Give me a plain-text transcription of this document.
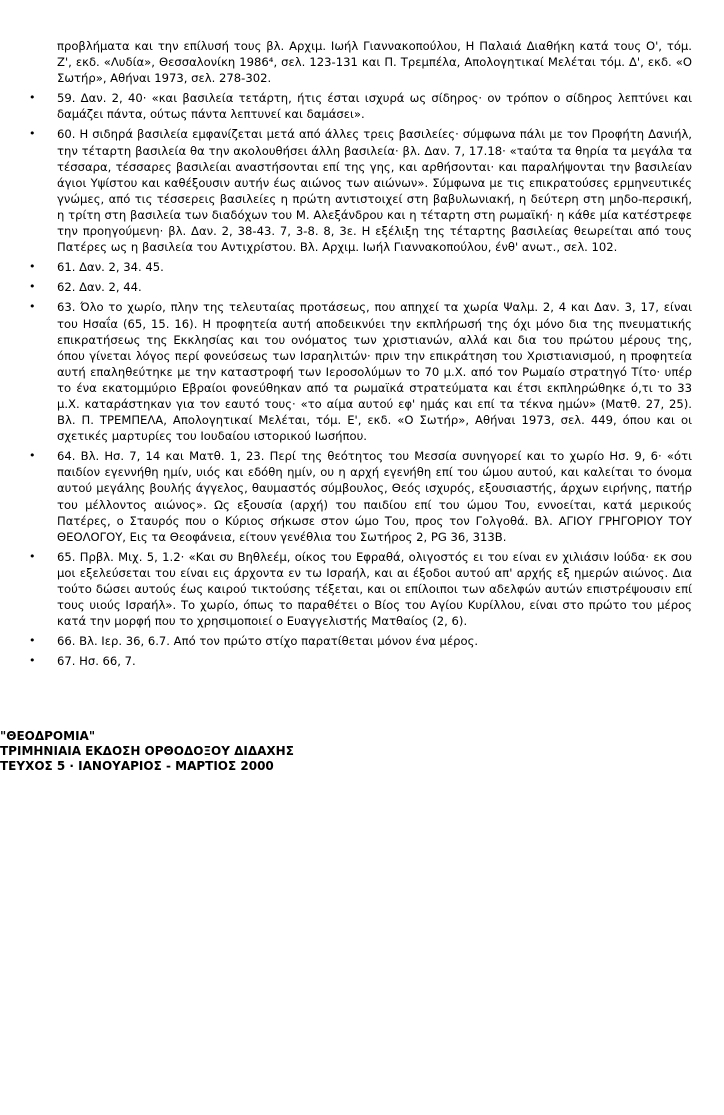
προβλήματα και την επίλυσή τους βλ. Αρχιμ. Ιωήλ Γιαννακοπούλου, Η Παλαιά Διαθήκη κατά τους Ο', τόμ. Ζ', εκδ. «Λυδία», Θεσσαλονίκη 1986⁴, σελ. 123-131 και Π. Τρεμπέλα, Απολογητικαί Μελέται τόμ. Δ', εκδ. «Ο Σωτήρ», Αθήναι 1973, σελ. 278-302.
• 59. Δαν. 2, 40· «και βασιλεία τετάρτη, ήτις έσται ισχυρά ως σίδηρος· ον τρόπον ο σίδηρος λεπτύνει και δαμάζει πάντα, ούτως πάντα λεπτυνεί και δαμάσει».
• 60. Η σιδηρά βασιλεία εμφανίζεται μετά από άλλες τρεις βασιλείες· σύμφωνα πάλι με τον Προφήτη Δανιήλ, την τέταρτη βασιλεία θα την ακολουθήσει άλλη βασιλεία· βλ. Δαν. 7, 17.18· «ταύτα τα θηρία τα μεγάλα τα τέσσαρα, τέσσαρες βασιλείαι αναστήσονται επί της γης, και αρθήσονται· και παραλήψονται την βασιλείαν άγιοι Υψίστου και καθέξουσιν αυτήν έως αιώνος των αιώνων». Σύμφωνα με τις επικρατούσες ερμηνευτικές γνώμες, από τις τέσσερεις βασιλείες η πρώτη αντιστοιχεί στη βαβυλωνιακή, η δεύτερη στη μηδο-περσική, η τρίτη στη βασιλεία των διαδόχων του Μ. Αλεξάνδρου και η τέταρτη στη ρωμαϊκή· η κάθε μία κατέστρεφε την προηγούμενη· βλ. Δαν. 2, 38-43. 7, 3-8. 8, 3ε. Η εξέλιξη της τέταρτης βασιλείας θεωρείται από τους Πατέρες ως η βασιλεία του Αντιχρίστου. Βλ. Αρχιμ. Ιωήλ Γιαννακοπούλου, ένθ' ανωτ., σελ. 102.
• 61. Δαν. 2, 34. 45.
• 62. Δαν. 2, 44.
• 63. Όλο το χωρίο, πλην της τελευταίας προτάσεως, που απηχεί τα χωρία Ψαλμ. 2, 4 και Δαν. 3, 17, είναι του Ησαΐα (65, 15. 16). Η προφητεία αυτή αποδεικνύει την εκπλήρωσή της όχι μόνο δια της πνευματικής επικρατήσεως της Εκκλησίας και του ονόματος των χριστιανών, αλλά και δια του πρώτου μέρους της, όπου γίνεται λόγος περί φονεύσεως των Ισραηλιτών· πριν την επικράτηση του Χριστιανισμού, η προφητεία αυτή επαληθεύτηκε με την καταστροφή των Ιεροσολύμων το 70 μ.Χ. από τον Ρωμαίο στρατηγό Τίτο· υπέρ το ένα εκατομμύριο Εβραίοι φονεύθηκαν από τα ρωμαϊκά στρατεύματα και έτσι εκπληρώθηκε ό,τι το 33 μ.Χ. καταράστηκαν για τον εαυτό τους· «το αίμα αυτού εφ' ημάς και επί τα τέκνα ημών» (Ματθ. 27, 25). Βλ. Π. ΤΡΕΜΠΕΛΑ, Απολογητικαί Μελέται, τόμ. Ε', εκδ. «Ο Σωτήρ», Αθήναι 1973, σελ. 449, όπου και οι σχετικές μαρτυρίες του Ιουδαίου ιστορικού Ιωσήπου.
• 64. Βλ. Ησ. 7, 14 και Ματθ. 1, 23. Περί της θεότητος του Μεσσία συνηγορεί και το χωρίο Ησ. 9, 6· «ότι παιδίον εγεννήθη ημίν, υιός και εδόθη ημίν, ου η αρχή εγενήθη επί του ώμου αυτού, και καλείται το όνομα αυτού μεγάλης βουλής άγγελος, θαυμαστός σύμβουλος, Θεός ισχυρός, εξουσιαστής, άρχων ειρήνης, πατήρ του μέλλοντος αιώνος». Ως εξουσία (αρχή) του παιδίου επί του ώμου Του, εννοείται, κατά μερικούς Πατέρες, ο Σταυρός που ο Κύριος σήκωσε στον ώμο Του, προς τον Γολγοθά. Βλ. ΑΓΙΟΥ ΓΡΗΓΟΡΙΟΥ ΤΟΥ ΘΕΟΛΟΓΟΥ, Εις τα Θεοφάνεια, είτουν γενέθλια του Σωτήρος 2, PG 36, 313Β.
• 65. Πρβλ. Μιχ. 5, 1.2· «Και συ Βηθλεέμ, οίκος του Εφραθά, ολιγοστός ει του είναι εν χιλιάσιν Ιούδα· εκ σου μοι εξελεύσεται του είναι εις άρχοντα εν τω Ισραήλ, και αι έξοδοι αυτού απ' αρχής εξ ημερών αιώνος. Δια τούτο δώσει αυτούς έως καιρού τικτούσης τέξεται, και οι επίλοιποι των αδελφών αυτών επιστρέψουσιν επί τους υιούς Ισραήλ». Το χωρίο, όπως το παραθέτει ο Βίος του Αγίου Κυρίλλου, είναι στο πρώτο του μέρος κατά την μορφή που το χρησιμοποιεί ο Ευαγγελιστής Ματθαίος (2, 6).
• 66. Βλ. Ιερ. 36, 6.7. Από τον πρώτο στίχο παρατίθεται μόνον ένα μέρος.
• 67. Ησ. 66, 7.
"ΘΕΟΔΡΟΜΙΑ"
ΤΡΙΜΗΝΙΑΙΑ ΕΚΔΟΣΗ ΟΡΘΟΔΟΞΟΥ ΔΙΔΑΧΗΣ
ΤΕΥΧΟΣ 5 · ΙΑΝΟΥΑΡΙΟΣ - ΜΑΡΤΙΟΣ 2000
